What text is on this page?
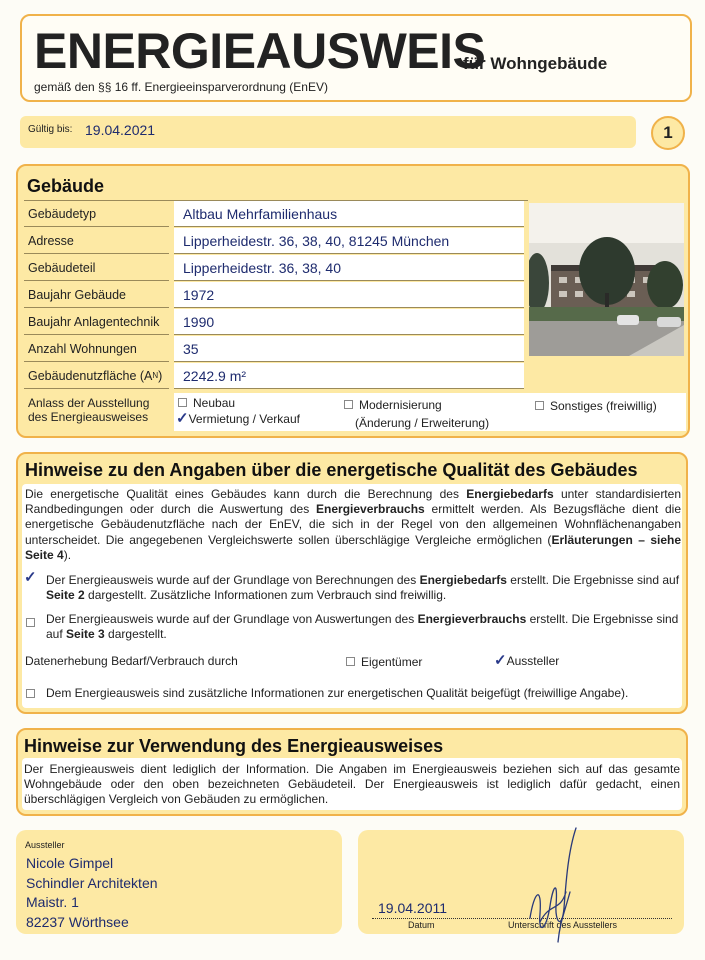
ENERGIEAUSWEIS
für Wohngebäude
gemäß den §§ 16 ff. Energieeinsparverordnung (EnEV)
Gültig bis: 19.04.2021	1
Gebäude
Gebäudetyp	Altbau Mehrfamilienhaus
Adresse	Lipperheidestr. 36, 38, 40, 81245 München
Gebäudeteil	Lipperheidestr. 36, 38, 40
Baujahr Gebäude	1972
Baujahr Anlagentechnik	1990
Anzahl Wohnungen	35
Gebäudenutzfläche (A N )	2242.9 m²
Anlass der Ausstellung
des Energieausweises
Neubau
✓Vermietung / Verkauf
Modernisierung
(Änderung / Erweiterung)
Sonstiges (freiwillig)
Hinweise zu den Angaben über die energetische Qualität des Gebäudes
Die energetische Qualität eines Gebäudes kann durch die Berechnung des Energiebedarfs unter standardisierten Randbedingungen oder durch die Auswertung des Energieverbrauchs ermittelt werden. Als Bezugsfläche dient die energetische Gebäudenutzfläche nach der EnEV, die sich in der Regel von den allgemeinen Wohnflächenangaben unterscheidet. Die angegebenen Vergleichswerte sollen überschlägige Vergleiche ermöglichen (Erläuterungen – siehe Seite 4).
✓ Der Energieausweis wurde auf der Grundlage von Berechnungen des Energiebedarfs erstellt. Die Ergebnisse sind auf Seite 2 dargestellt. Zusätzliche Informationen zum Verbrauch sind freiwillig.
Der Energieausweis wurde auf der Grundlage von Auswertungen des Energieverbrauchs erstellt. Die Ergebnisse sind auf Seite 3 dargestellt.
Datenerhebung Bedarf/Verbrauch durch	Eigentümer	✓Aussteller
Dem Energieausweis sind zusätzliche Informationen zur energetischen Qualität beigefügt (freiwillige Angabe).
Hinweise zur Verwendung des Energieausweises
Der Energieausweis dient lediglich der Information. Die Angaben im Energieausweis beziehen sich auf das gesamte Wohngebäude oder den oben bezeichneten Gebäudeteil. Der Energieausweis ist lediglich dafür gedacht, einen überschlägigen Vergleich von Gebäuden zu ermöglichen.
Aussteller
Nicole Gimpel
Schindler Architekten
Maistr. 1
82237 Wörthsee
19.04.2011
Datum	Unterschrift des Ausstellers
